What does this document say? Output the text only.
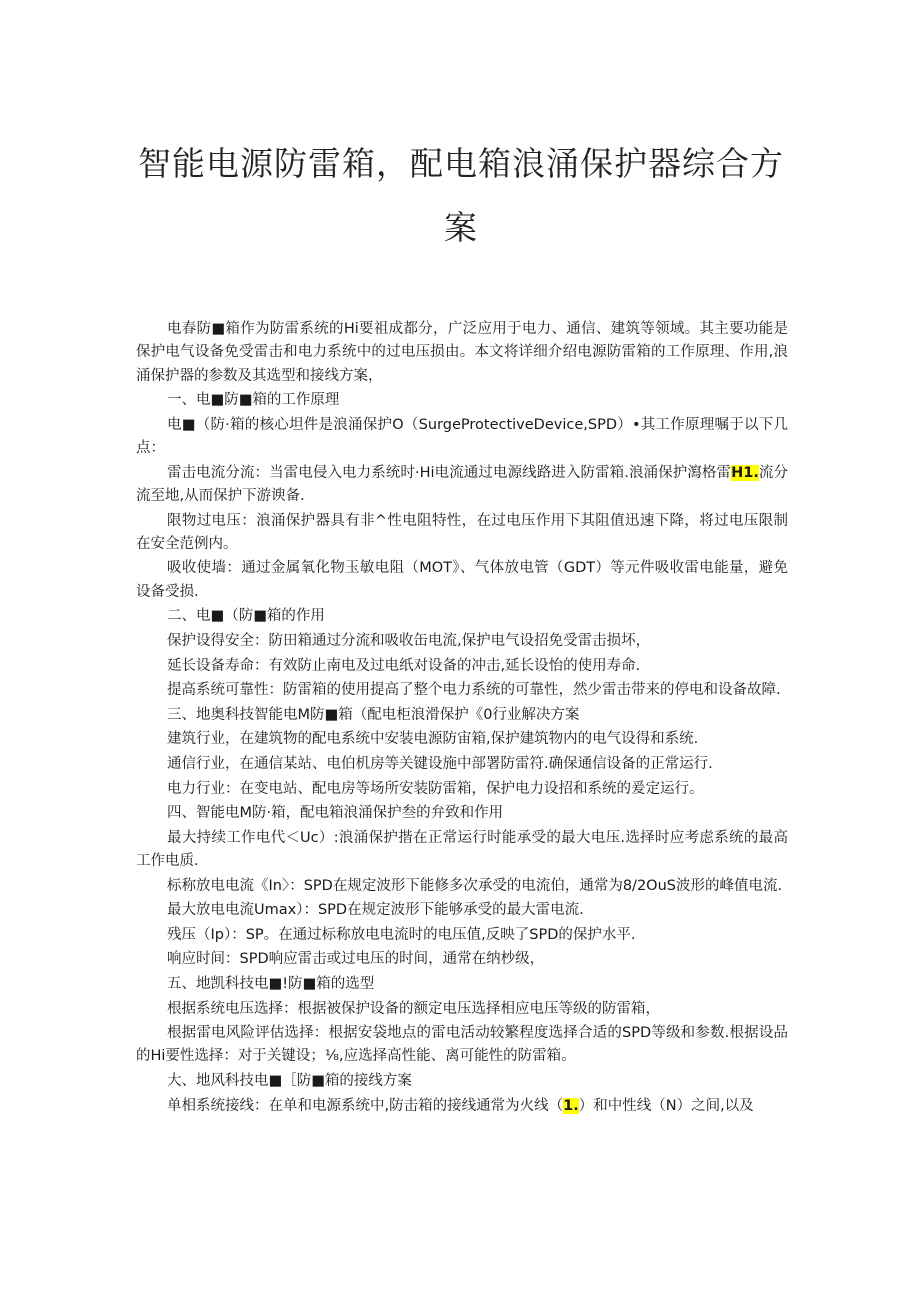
智能电源防雷箱，配电箱浪涌保护器综合方
案

电春防■箱作为防雷系统的Hi要祖成都分，广泛应用于电力、通信、建筑等领域。其主要功能是保护电气设备免受雷击和电力系统中的过电压损由。本文将详细介绍电源防雷箱的工作原理、作用,浪涌保护器的参数及其选型和接线方案，

一、电■防■箱的工作原理

电■（防·箱的核心坦件是浪涌保护O（SurgeProtectiveDevice,SPD）•其工作原理嘱于以下几点：

雷击电流分流：当雷电侵入电力系统时·Hi电流通过电源线路进入防雷箱.浪涌保护瀉格雷H1.流分流至地,从而保护下游谀备.

限物过电压：浪涌保护器具有非^性电阻特性，在过电压作用下其阻值迅速下降，将过电压限制在安全范例内。

吸收使墙：通过金属氧化物玉敏电阻（MOT》、气体放电管（GDT）等元件吸收雷电能量，避免设备受损.

二、电■（防■箱的作用

保护设得安全：防田箱通过分流和吸收缶电流,保护电气设招免受雷击损坏，

延长设备寿命：有效防止南电及过电纸对设备的冲击,延长设怡的使用寿命.

提高系统可靠性：防雷箱的使用提高了整个电力系统的可靠性，然少雷击带来的停电和设备故障.

三、地奥科技智能电M防■箱（配电柜浪滑保护《0行业解决方案

建筑行业，在建筑物的配电系统中安装电源防宙箱,保护建筑物内的电气设得和系统.

通信行业，在通信某站、电伯机房等关键设施中部署防雷符.确保通信设备的正常运行.

电力行业：在变电站、配电房等场所安装防雷箱，保护电力设招和系统的爰定运行。

四、智能电M防·箱，配电箱浪涌保护叁的弁致和作用

最大持续工作电代＜Uc）:浪涌保护揩在正常运行时能承受的最大电压.选择时应考虑系统的最高工作电质.

标称放电电流《In〉：SPD在规定波形下能修多次承受的电流伯，通常为8/2OuS波形的峰值电流.

最大放电电流Umax）：SPD在规定波形下能够承受的最大雷电流.

残压（Ip）：SP。在通过标称放电电流时的电压值,反映了SPD的保护水平.

响应时间：SPD响应雷击或过电压的时间，通常在纳杪级，

五、地凯科技电■!防■箱的选型

根据系统电压选择：根据被保护设备的额定电压选择相应电压等级的防雷箱，

根据雷电风险评估选择：根据安袋地点的雷电活动较繁程度选择合适的SPD等级和参数.根据设品的Hi要性选择：对于关键设；⅛,应选择高性能、离可能性的防雷箱。

大、地风科技电■［防■箱的接线方案

单相系统接线：在单和电源系统中,防击箱的接线通常为火线（1.）和中性线（N）之间,以及
